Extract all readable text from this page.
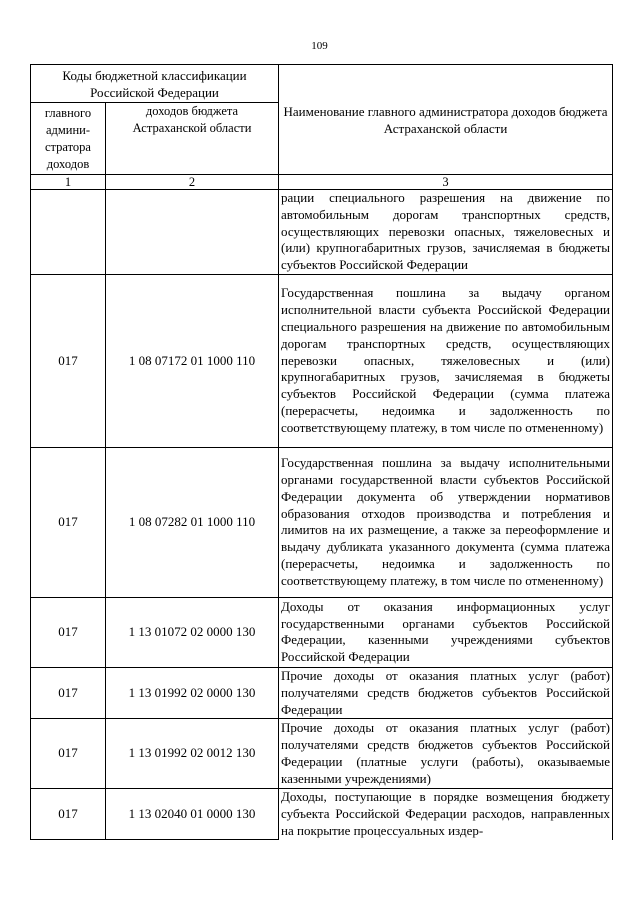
109
Коды бюджетной классификации Российской Федерации		Наименование главного администратора доходов бюджета Астраханской области
главного админи-стратора доходов	доходов бюджета Астраханской области	
1	2	3
		рации специального разрешения на движение по автомобильным дорогам транспортных средств, осуществляющих перевозки опасных, тяжеловесных и (или) крупногабаритных грузов, зачисляемая в бюджеты субъектов Российской Федерации
017	1 08 07172 01 1000 110	Государственная пошлина за выдачу органом исполнительной власти субъекта Российской Федерации специального разрешения на движение по автомобильным дорогам транспортных средств, осуществляющих перевозки опасных, тяжеловесных и (или) крупногабаритных грузов, зачисляемая в бюджеты субъектов Российской Федерации (сумма платежа (перерасчеты, недоимка и задолженность по соответствующему платежу, в том числе по отмененному)
017	1 08 07282 01 1000 110	Государственная пошлина за выдачу исполнительными органами государственной власти субъектов Российской Федерации документа об утверждении нормативов образования отходов производства и потребления и лимитов на их размещение, а также за переоформление и выдачу дубликата указанного документа (сумма платежа (перерасчеты, недоимка и задолженность по соответствующему платежу, в том числе по отмененному)
017	1 13 01072 02 0000 130	Доходы от оказания информационных услуг государственными органами субъектов Российской Федерации, казенными учреждениями субъектов Российской Федерации
017	1 13 01992 02 0000 130	Прочие доходы от оказания платных услуг (работ) получателями средств бюджетов субъектов Российской Федерации
017	1 13 01992 02 0012 130	Прочие доходы от оказания платных услуг (работ) получателями средств бюджетов субъектов Российской Федерации (платные услуги (работы), оказываемые казенными учреждениями)
017	1 13 02040 01 0000 130	Доходы, поступающие в порядке возмещения бюджету субъекта Российской Федерации расходов, направленных на покрытие процессуальных издер-
